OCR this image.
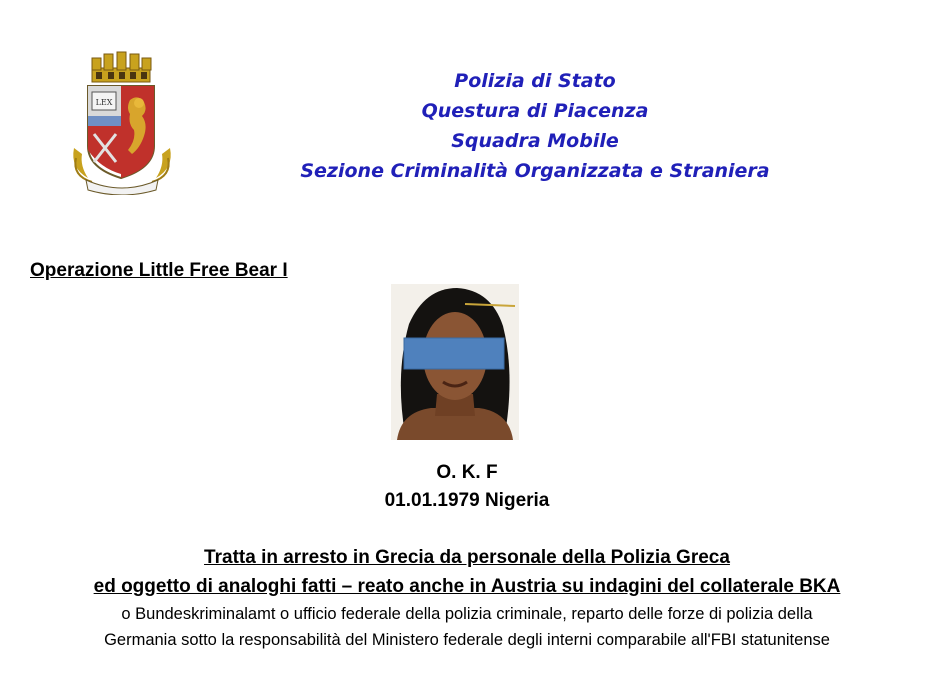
LEX
Polizia di Stato
Questura di Piacenza
Squadra Mobile
Sezione Criminalità Organizzata e Straniera
Operazione Little Free Bear I
O. K. F
01.01.1979 Nigeria
Tratta in arresto in Grecia da personale della Polizia Greca
ed oggetto di analoghi fatti – reato anche in Austria su indagini del collaterale BKA
o Bundeskriminalamt o ufficio federale della polizia criminale, reparto delle forze di polizia della
Germania sotto la responsabilità del Ministero federale degli interni comparabile all'FBI statunitense
